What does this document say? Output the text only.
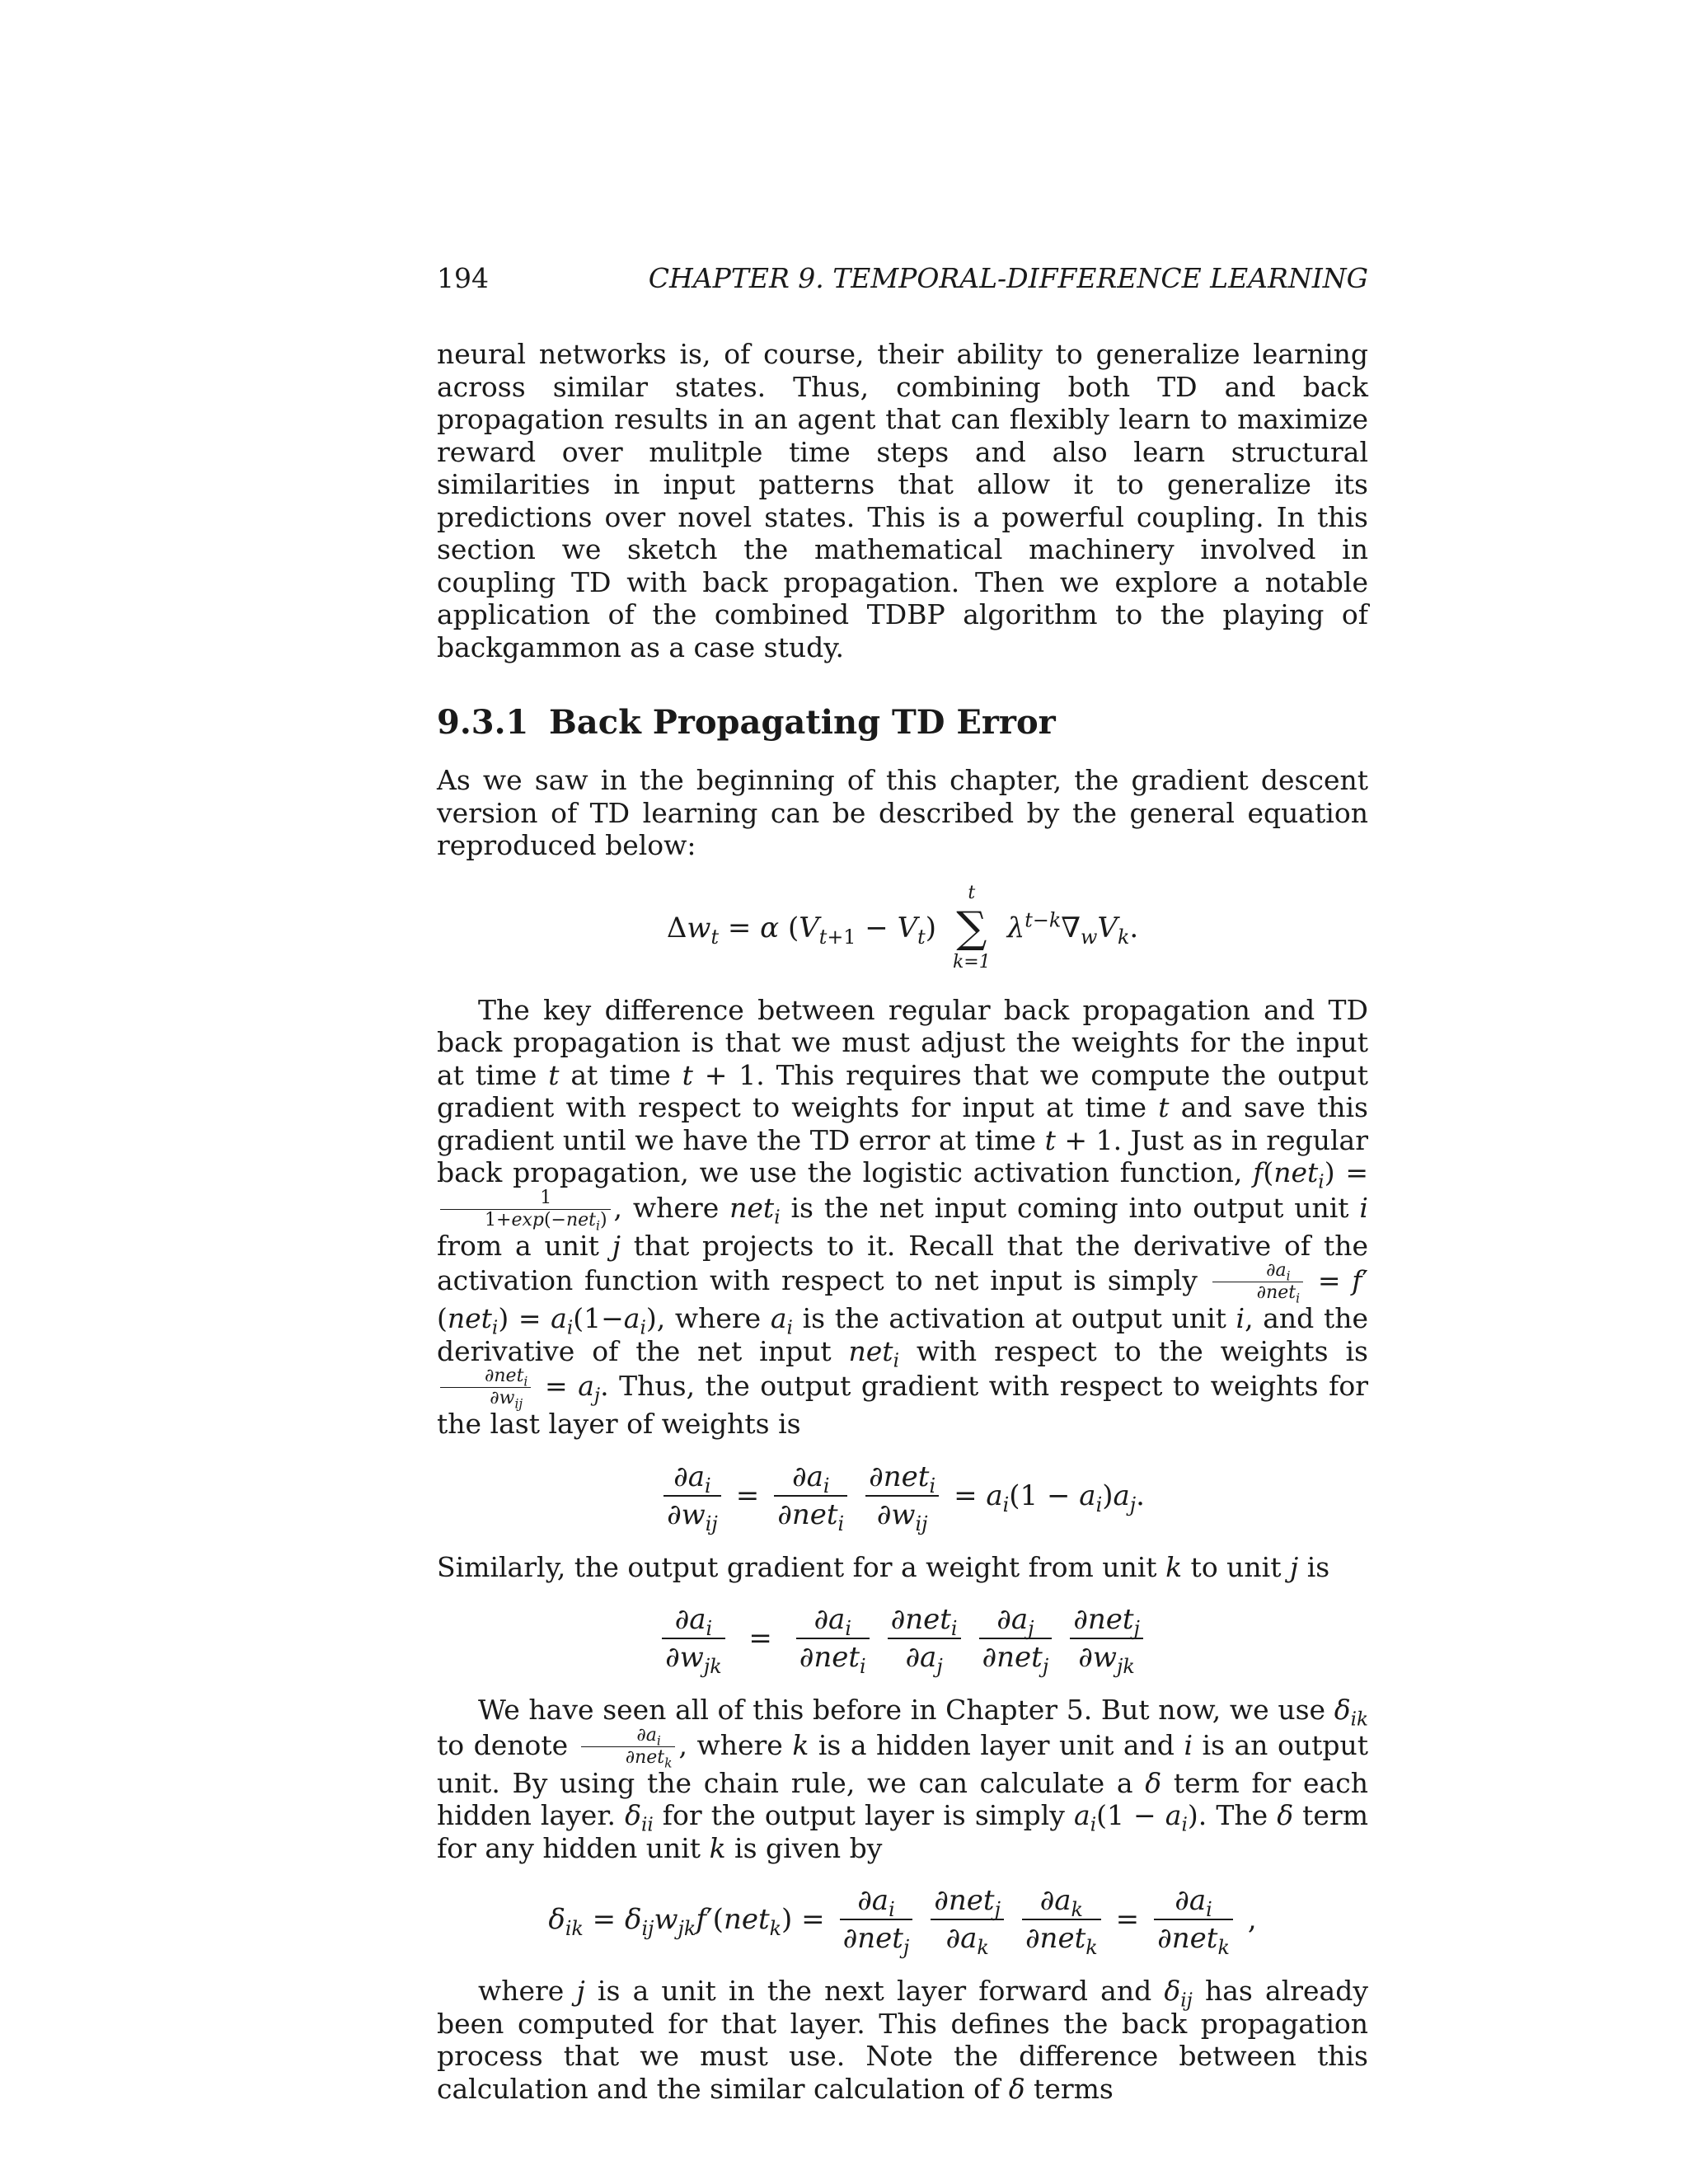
194	CHAPTER 9. TEMPORAL-DIFFERENCE LEARNING

neural networks is, of course, their ability to generalize learning across similar states. Thus, combining both TD and back propagation results in an agent that can flexibly learn to maximize reward over mulitple time steps and also learn structural similarities in input patterns that allow it to generalize its predictions over novel states. This is a powerful coupling. In this section we sketch the mathematical machinery involved in coupling TD with back propagation. Then we explore a notable application of the combined TDBP algorithm to the playing of backgammon as a case study.

9.3.1 Back Propagating TD Error

As we saw in the beginning of this chapter, the gradient descent version of TD learning can be described by the general equation reproduced below:

$\Delta w_t = \alpha$ $(V_{t+1} - V_t)$
t
∑
k=1
$\lambda^{t-k}\nabla_wV_k$.

The key difference between regular back propagation and TD back propagation is that we must adjust the weights for the input at time t at time t + 1. This requires that we compute the output gradient with respect to weights for input at time t and save this gradient until we have the TD error at time t + 1. Just as in regular back propagation, we use the logistic activation function, f(net$_i$) =
$\frac{1}{1+\exp(-net_i)}$ , where net$_i$ is the net input coming into output unit i from a unit j that projects to it. Recall that the derivative of the activation function with respect to net input is simply $\frac{\partial a_i}{\partial net_i} = f'(net_i) = a_i(1-a_i)$, where $a_i$ is the activation at output unit i, and the derivative of the net input net$_i$ with respect to the weights is
$\frac{\partial net_i}{\partial w_{ij}} = a_j$. Thus, the output gradient with respect to weights for the last layer of weights is

$\frac{\partial a_i}{\partial w_{ij}} = \frac{\partial a_i}{\partial net_i} \frac{\partial net_i}{\partial w_{ij}} = a_i(1 - a_i)a_j$.

Similarly, the output gradient for a weight from unit k to unit j is

$\frac{\partial a_i}{\partial w_{jk}} = \frac{\partial a_i}{\partial net_i} \frac{\partial net_i}{\partial a_j} \frac{\partial a_j}{\partial net_j} \frac{\partial net_j}{\partial w_{jk}}$

We have seen all of this before in Chapter 5. But now, we use $\delta_{ik}$ to denote $\frac{\partial a_i}{\partial net_k}$ , where k is a hidden layer unit and i is an output unit. By using the chain rule, we can calculate a δ term for each hidden layer. $\delta_{ii}$ for the output layer is simply $a_i(1 - a_i)$. The δ term for any hidden unit k is given by

$\delta_{ik} = \delta_{ij}w_{jk}f'(net_k) = \frac{\partial a_i}{\partial net_j} \frac{\partial net_j}{\partial a_k} \frac{\partial a_k}{\partial net_k} = \frac{\partial a_i}{\partial net_k}$ ,

where j is a unit in the next layer forward and $\delta_{ij}$ has already been computed for that layer. This defines the back propagation process that we must use. Note the difference between this calculation and the similar calculation of δ terms
